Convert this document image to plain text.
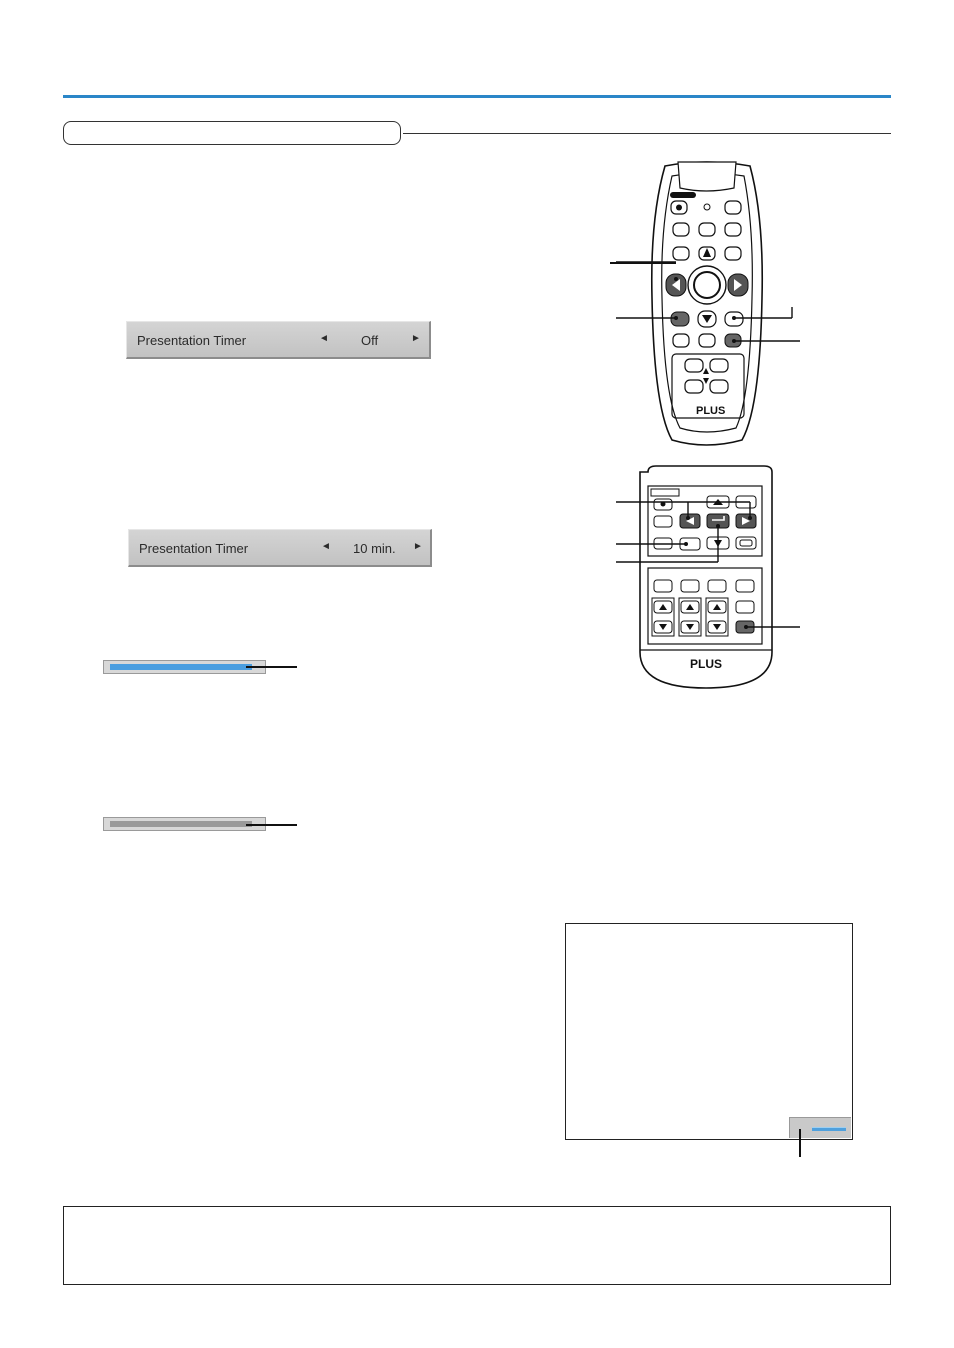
Presentation Timer	◄ Off	►
Presentation Timer	◄ 10 min. ►
PLUS
PLUS
